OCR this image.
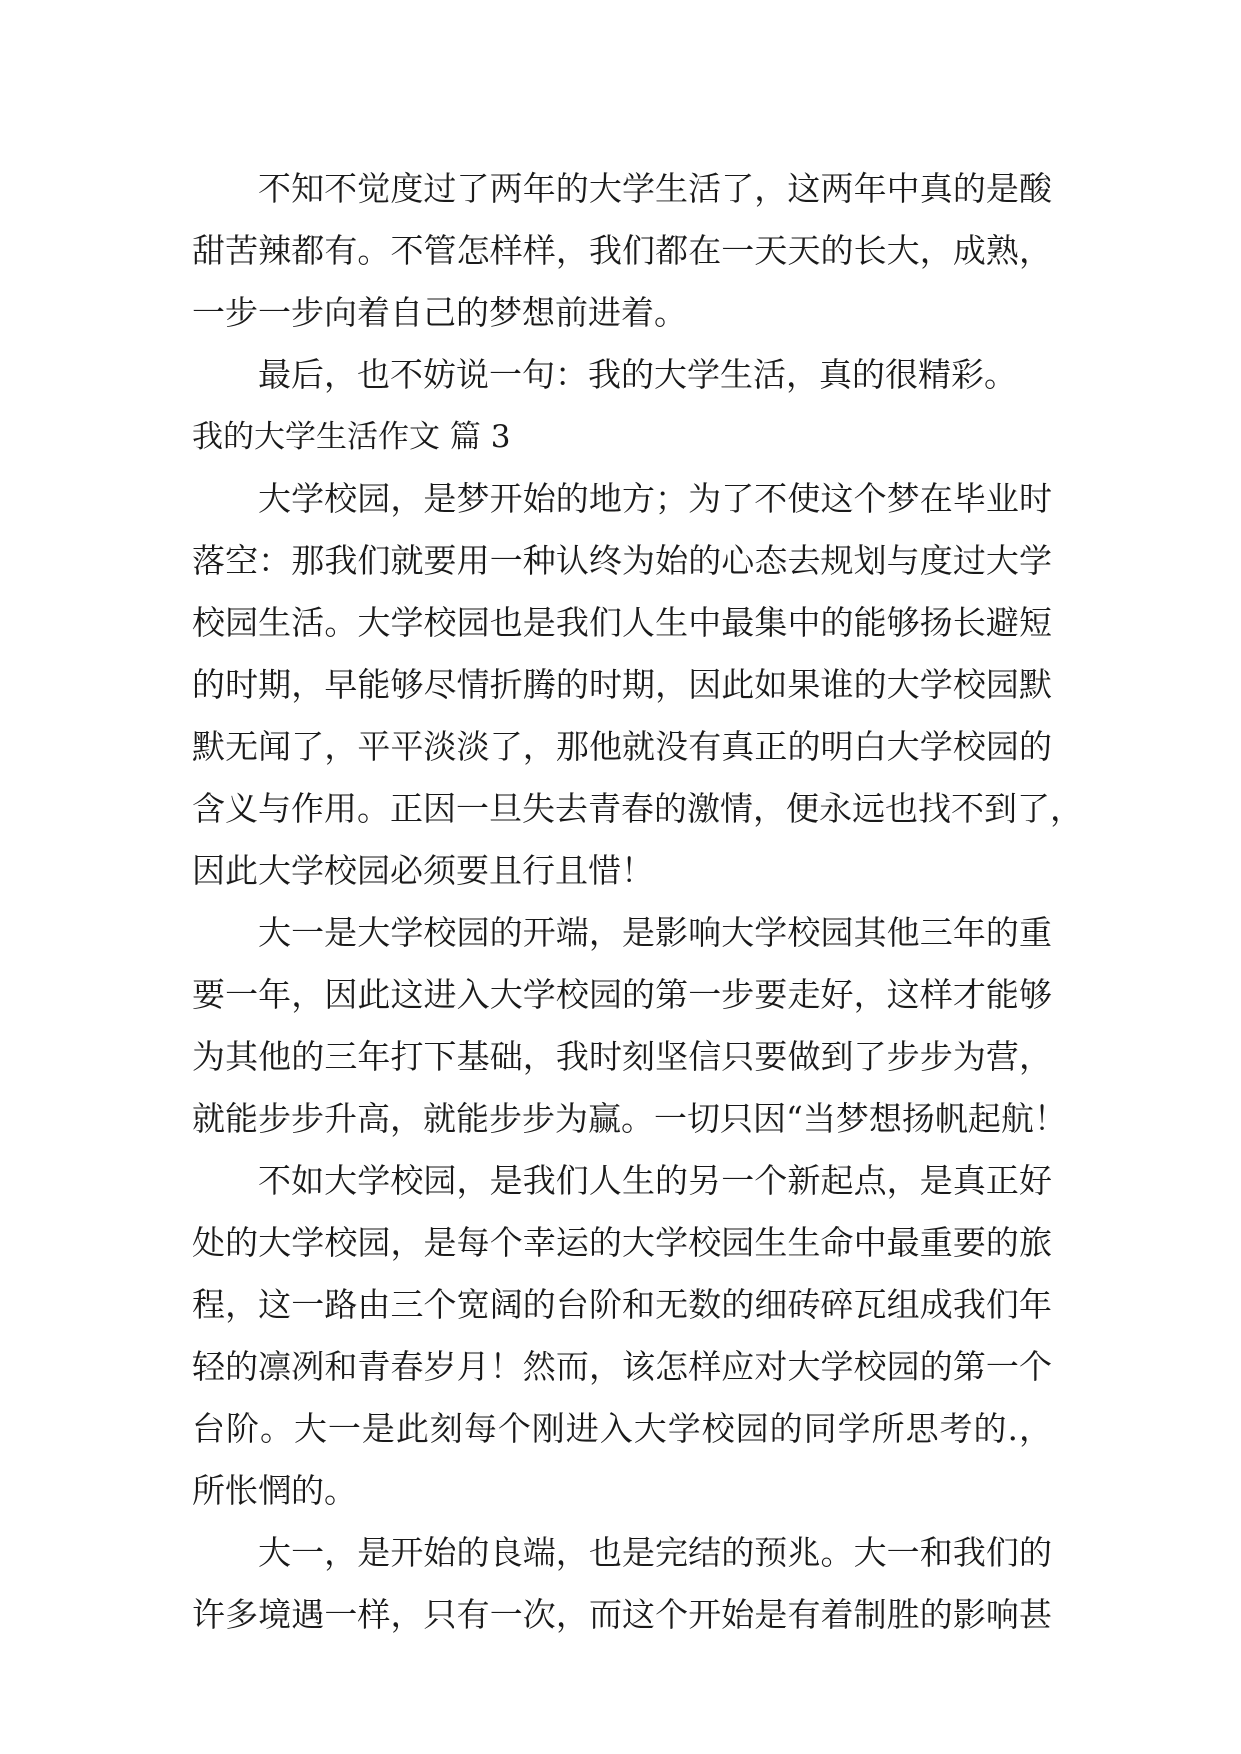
不知不觉度过了两年的大学生活了，这两年中真的是酸
甜苦辣都有。不管怎样样，我们都在一天天的长大，成熟，
一步一步向着自己的梦想前进着。
最后，也不妨说一句：我的大学生活，真的很精彩。
我的大学生活作文 篇 3
大学校园，是梦开始的地方；为了不使这个梦在毕业时
落空：那我们就要用一种认终为始的心态去规划与度过大学
校园生活。大学校园也是我们人生中最集中的能够扬长避短
的时期，早能够尽情折腾的时期，因此如果谁的大学校园默
默无闻了，平平淡淡了，那他就没有真正的明白大学校园的
含义与作用。正因一旦失去青春的激情，便永远也找不到了，
因此大学校园必须要且行且惜！
大一是大学校园的开端，是影响大学校园其他三年的重
要一年，因此这进入大学校园的第一步要走好，这样才能够
为其他的三年打下基础，我时刻坚信只要做到了步步为营，
就能步步升高，就能步步为赢。一切只因“当梦想扬帆起航！
不如大学校园，是我们人生的另一个新起点，是真正好
处的大学校园，是每个幸运的大学校园生生命中最重要的旅
程，这一路由三个宽阔的台阶和无数的细砖碎瓦组成我们年
轻的凛冽和青春岁月！然而，该怎样应对大学校园的第一个
台阶。大一是此刻每个刚进入大学校园的同学所思考的.，
所怅惘的。
大一，是开始的良端，也是完结的预兆。大一和我们的
许多境遇一样，只有一次，而这个开始是有着制胜的影响甚
